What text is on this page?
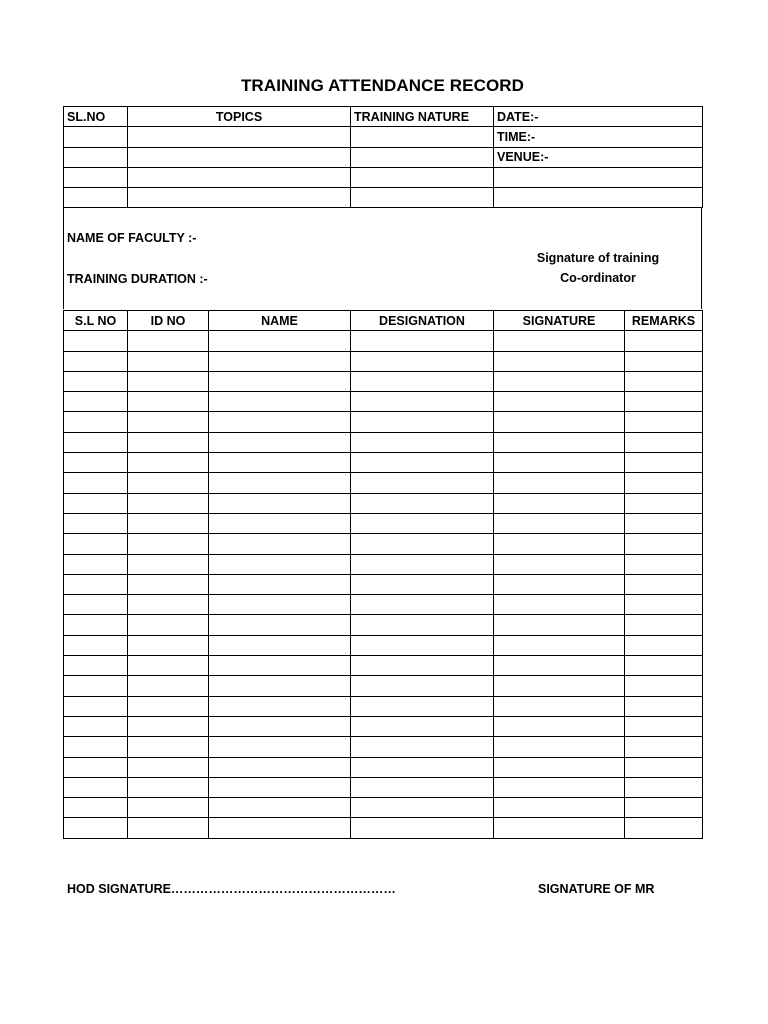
TRAINING ATTENDANCE RECORD
SL.NO	TOPICS	TRAINING NATURE	DATE:-
			TIME:-
			VENUE:-

NAME OF FACULTY :-
TRAINING DURATION :-
Signature of training
Co-ordinator
S.L NO	ID NO	NAME	DESIGNATION	SIGNATURE	REMARKS

HOD SIGNATURE………………………………………………	SIGNATURE OF MR
